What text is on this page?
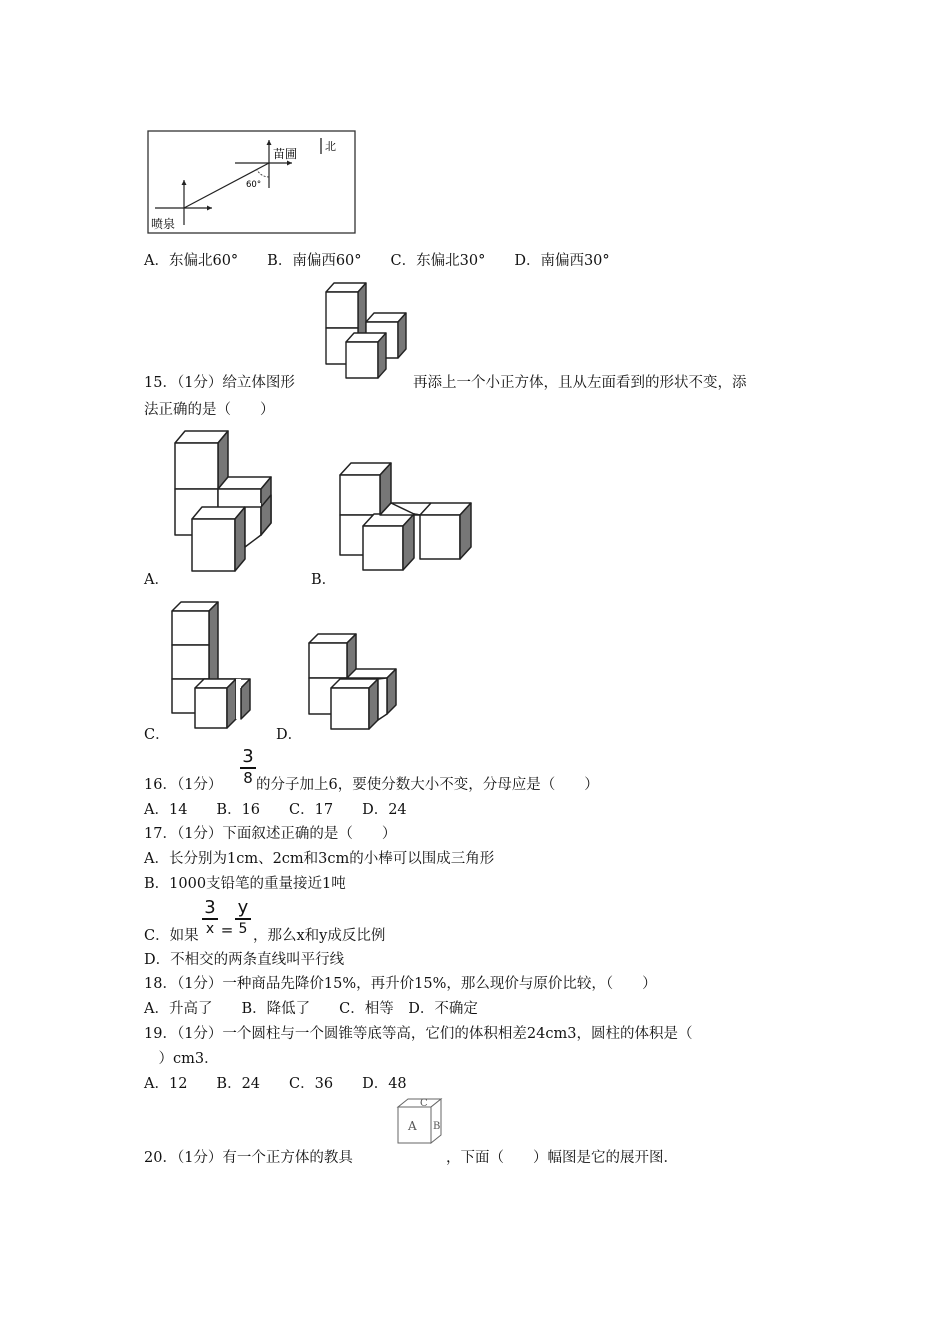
北
苗圃
喷泉
60°
A．东偏北60°　　B．南偏西60°　　C．东偏北30°　　D．南偏西30°
15．（1分）给立体图形	再添上一个小正方体，且从左面看到的形状不变，添
法正确的是（　　）
A．	B．
C．	D．
3
8
16．（1分） 的分子加上6，要使分数大小不变，分母应是（　　）
A．14　　B．16　　C．17　　D．24
17．（1分）下面叙述正确的是（　　）
A．长分别为1cm、2cm和3cm的小棒可以围成三角形
B．1000支铅笔的重量接近1吨
3
x =
y
5
C．如果	，那么x和y成反比例
D．不相交的两条直线叫平行线
18．（1分）一种商品先降价15%，再升价15%，那么现价与原价比较，（　　）
A．升高了　　B．降低了　　C．相等　D．不确定
19．（1分）一个圆柱与一个圆锥等底等高，它们的体积相差24cm3，圆柱的体积是（
　）cm3．
A．12　　B．24　　C．36　　D．48
C
A B
20．（1分）有一个正方体的教具	，下面（　　）幅图是它的展开图．
